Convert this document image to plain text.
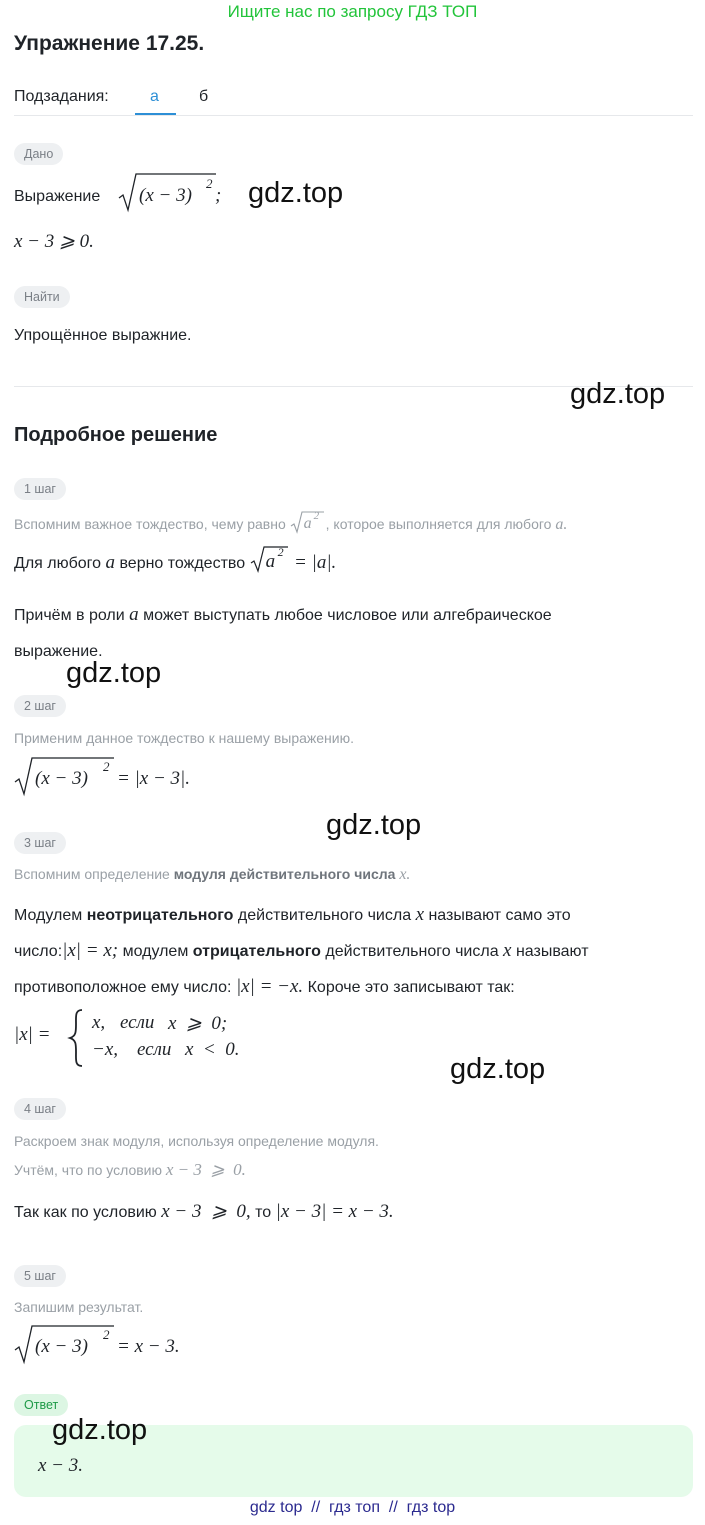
Ищите нас по запросу ГДЗ ТОП
Упражнение 17.25.
Подзадания:	а	б
Дано
Выражение (x − 3)
2
; gdz.top
x − 3 ⩾ 0.
Найти
Упрощённое выражние.
gdz.top
Подробное решение
1 шаг
Вспомним важное тождество, чему равно a 2 , которое выполняется для любого a.
Для любого a верно тождество a 2 = |a|.
Причём в роли a может выступать любое числовое или алгебраическое
выражение.
gdz.top
2 шаг
Применим данное тождество к нашему выражению.
(x − 3)
2
= |x − 3|.
gdz.top
3 шаг
Вспомним определение модуля действительного числа x.
Модулем неотрицательного действительного числа x называют само это
число:|x| = x; модулем отрицательного действительного числа x называют
противоположное ему число: |x| = −x. Короче это записывают так:
|x| =
x, если x  ⩾  0;
−x, если x  <  0.
gdz.top
4 шаг
Раскроем знак модуля, используя определение модуля.
Учтём, что по условию x − 3  ⩾  0.
Так как по условию x − 3  ⩾  0, то |x − 3| = x − 3.
5 шаг
Запишим результат.
(x − 3)
2
= x − 3.
Ответ
gdz.top
x − 3.
gdz top  //  гдз топ  //  гдз top
